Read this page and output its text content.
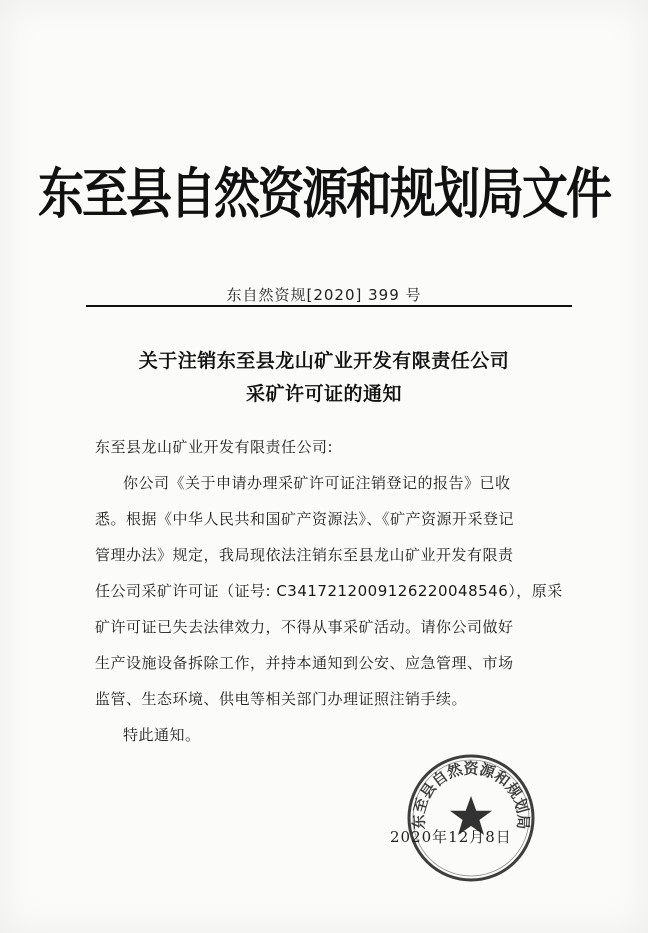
东至县自然资源和规划局文件
东自然资规[2020] 399 号
关于注销东至县龙山矿业开发有限责任公司
采矿许可证的通知
东至县龙山矿业开发有限责任公司:
你公司《关于申请办理采矿许可证注销登记的报告》已收
悉。根据《中华人民共和国矿产资源法》、《矿产资源开采登记
管理办法》规定，我局现依法注销东至县龙山矿业开发有限责
任公司采矿许可证（证号: C3417212009126220048546），原采
矿许可证已失去法律效力，不得从事采矿活动。请你公司做好
生产设施设备拆除工作，并持本通知到公安、应急管理、市场
监管、生态环境、供电等相关部门办理证照注销手续。
特此通知。
2020年12月8日
东至县自然资源和规划局
